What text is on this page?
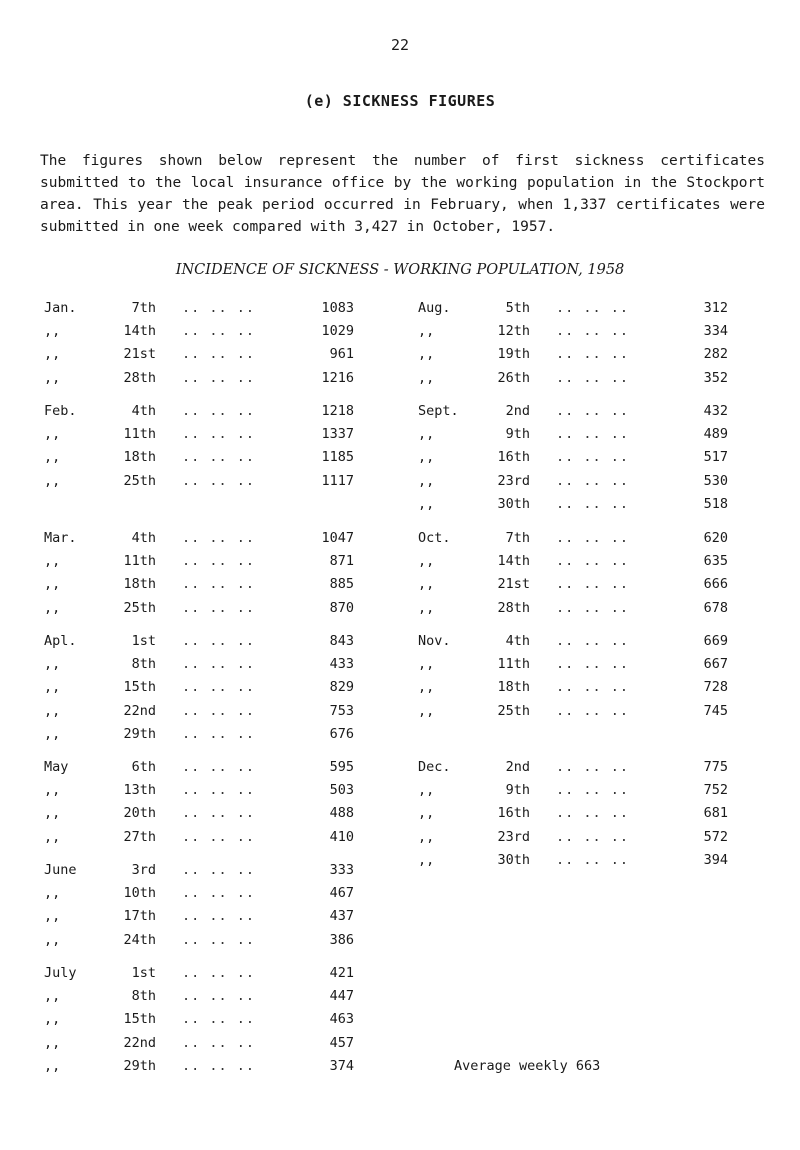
22
(e) SICKNESS FIGURES
The figures shown below represent the number of first sickness certificates submitted to the local insurance office by the working population in the Stockport area. This year the peak period occurred in February, when 1,337 certificates were submitted in one week compared with 3,427 in October, 1957.
INCIDENCE OF SICKNESS - WORKING POPULATION, 1958
Jan.	7th .. .. ..	1083
,,	14th .. .. ..	1029
,,	21st .. .. ..	961
,,	28th .. .. ..	1216
Feb.	4th .. .. ..	1218
,,	11th .. .. ..	1337
,,	18th .. .. ..	1185
,,	25th .. .. ..	1117
Mar.	4th .. .. ..	1047
,,	11th .. .. ..	871
,,	18th .. .. ..	885
,,	25th .. .. ..	870
Apl.	1st .. .. ..	843
,,	8th .. .. ..	433
,,	15th .. .. ..	829
,,	22nd .. .. ..	753
,,	29th .. .. ..	676
May	6th .. .. ..	595
,,	13th .. .. ..	503
,,	20th .. .. ..	488
,,	27th .. .. ..	410
June	3rd .. .. ..	333
,,	10th .. .. ..	467
,,	17th .. .. ..	437
,,	24th .. .. ..	386
July	1st .. .. ..	421
,,	8th .. .. ..	447
,,	15th .. .. ..	463
,,	22nd .. .. ..	457
,,	29th .. .. ..	374
Aug.	5th .. .. ..	312
,,	12th .. .. ..	334
,,	19th .. .. ..	282
,,	26th .. .. ..	352
Sept.	2nd .. .. ..	432
,,	9th .. .. ..	489
,,	16th .. .. ..	517
,,	23rd .. .. ..	530
,,	30th .. .. ..	518
Oct.	7th .. .. ..	620
,,	14th .. .. ..	635
,,	21st .. .. ..	666
,,	28th .. .. ..	678
Nov.	4th .. .. ..	669
,,	11th .. .. ..	667
,,	18th .. .. ..	728
,,	25th .. .. ..	745
Dec.	2nd .. .. ..	775
,,	9th .. .. ..	752
,,	16th .. .. ..	681
,,	23rd .. .. ..	572
,,	30th .. .. ..	394
Average weekly 663
